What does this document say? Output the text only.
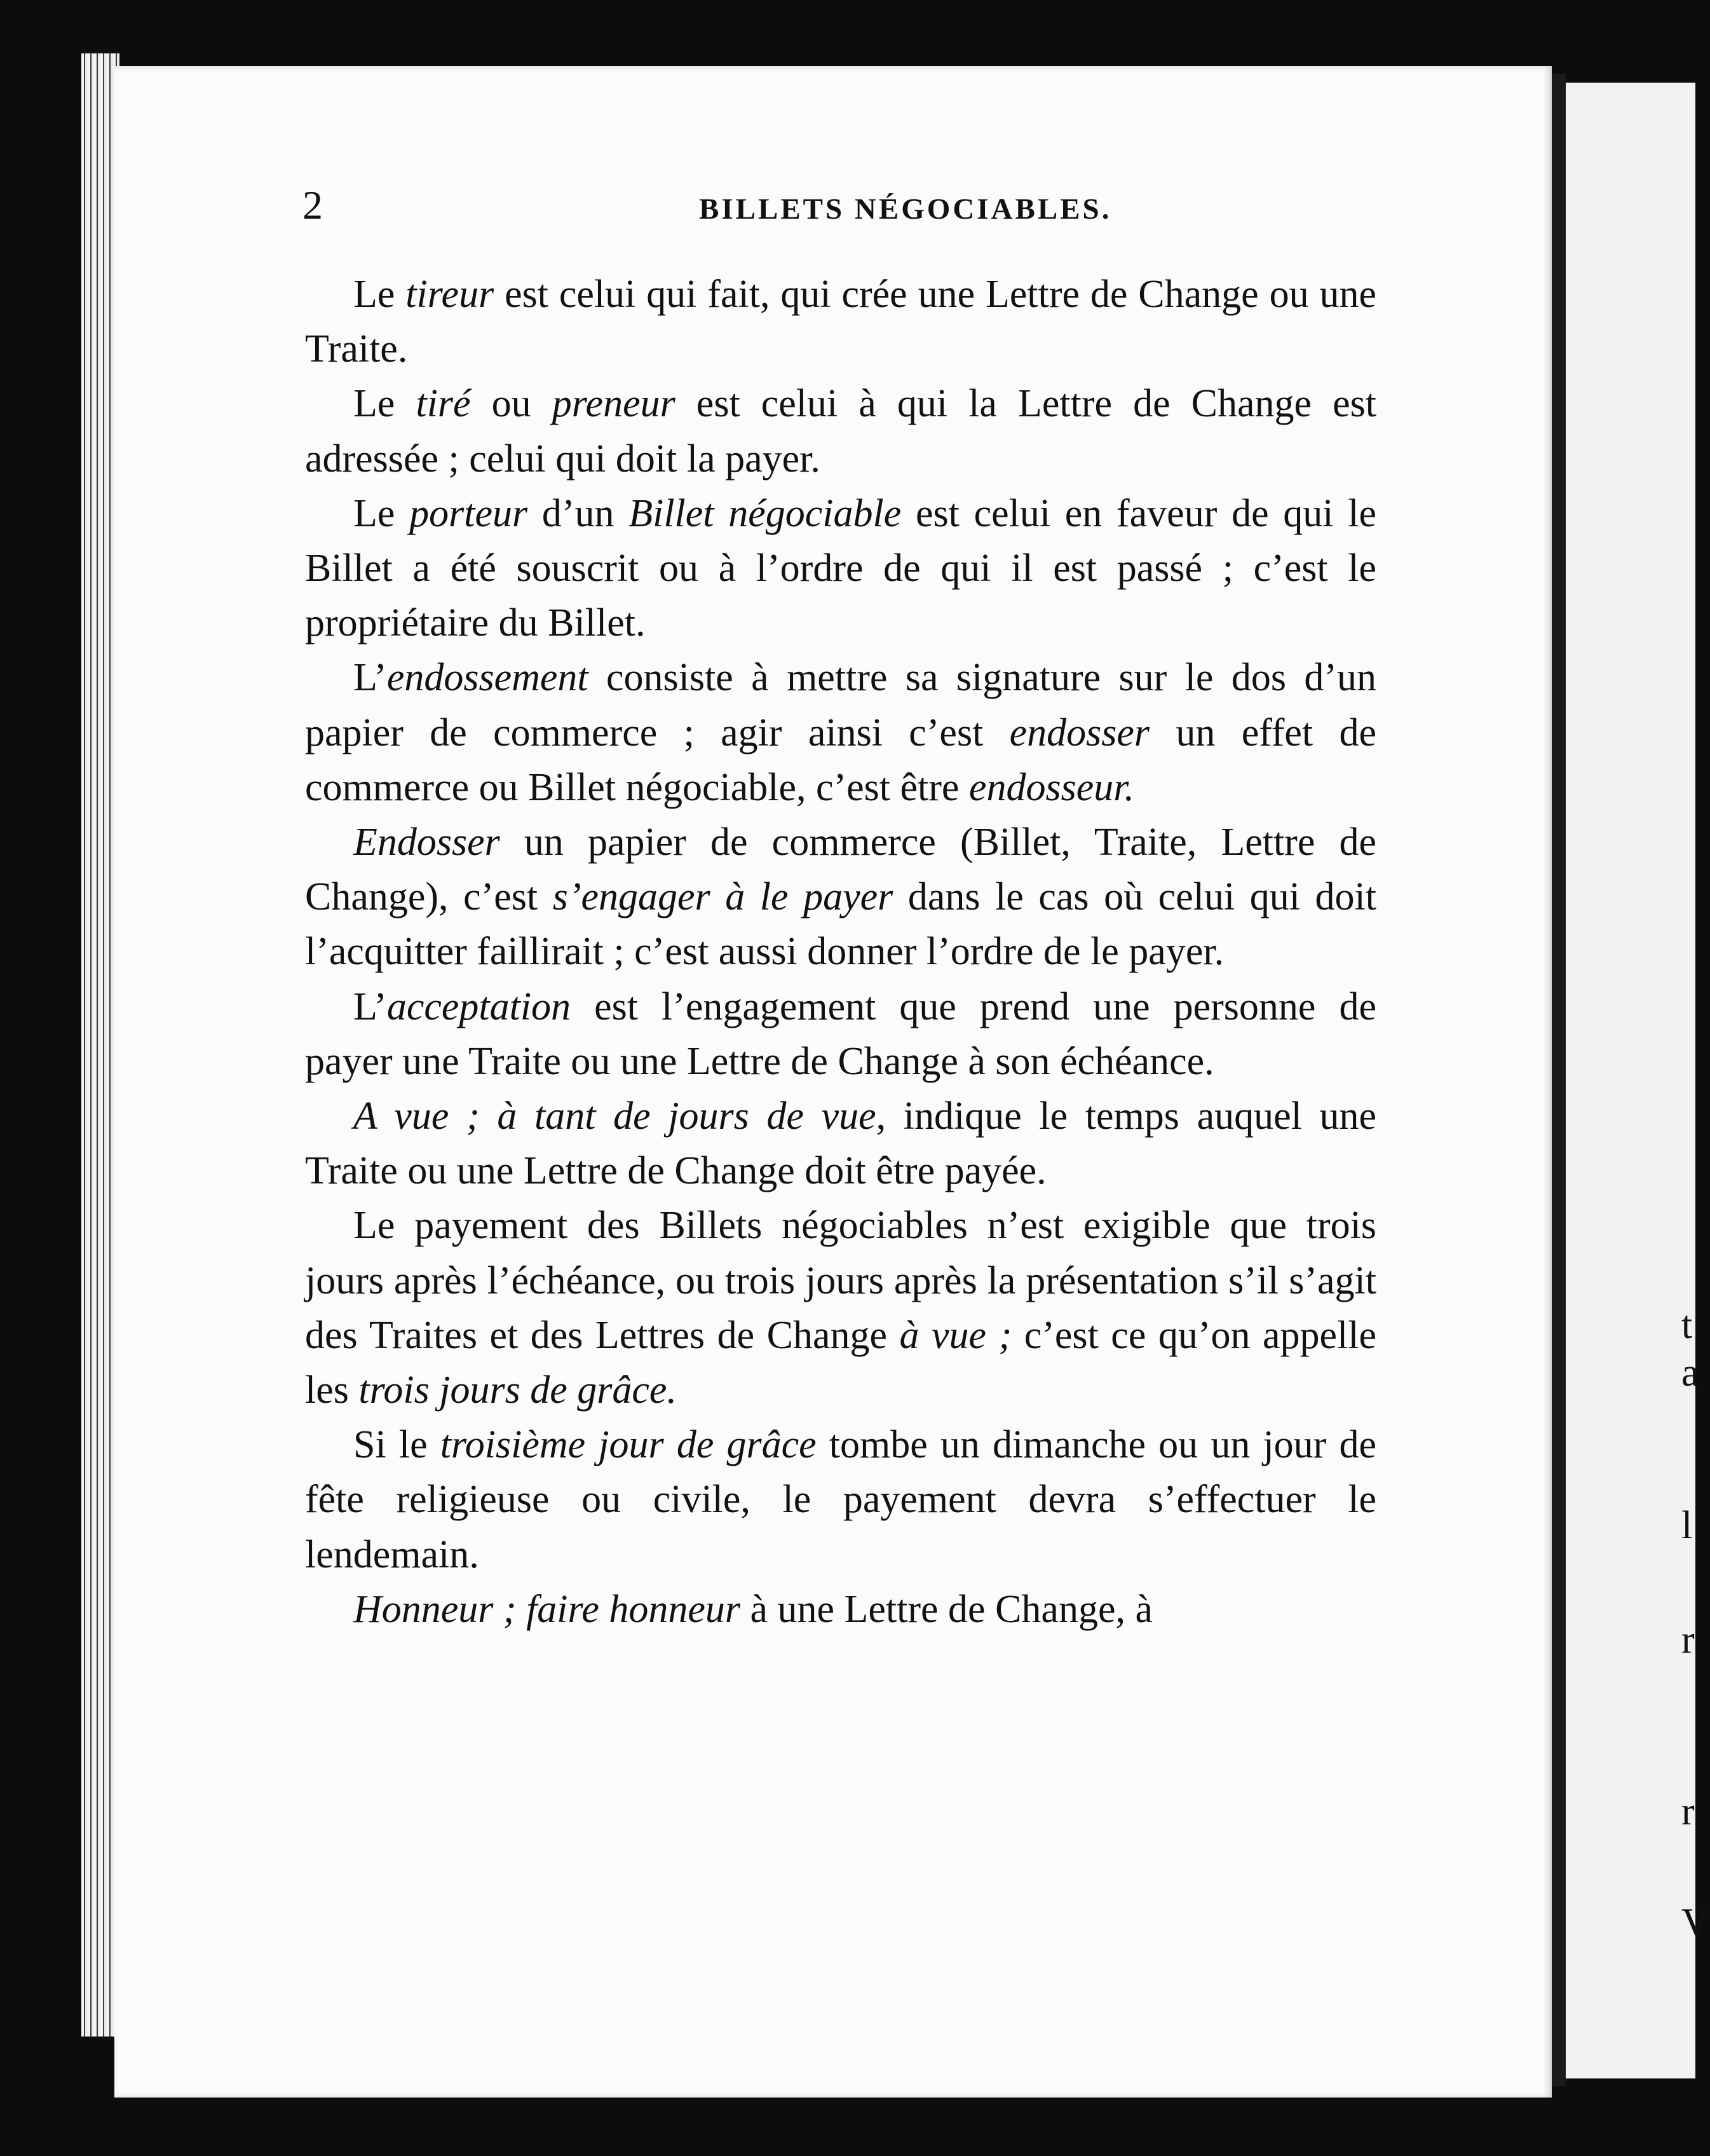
2	BILLETS NÉGOCIABLES.

Le tireur est celui qui fait, qui crée une Lettre de Change ou une Traite.

Le tiré ou preneur est celui à qui la Lettre de Change est adressée ; celui qui doit la payer.

Le porteur d’un Billet négociable est celui en faveur de qui le Billet a été souscrit ou à l’ordre de qui il est passé ; c’est le propriétaire du Billet.

L’endossement consiste à mettre sa signature sur le dos d’un papier de commerce ; agir ainsi c’est endosser un effet de commerce ou Billet négociable, c’est être endosseur.

Endosser un papier de commerce (Billet, Traite, Lettre de Change), c’est s’engager à le payer dans le cas où celui qui doit l’acquitter faillirait ; c’est aussi donner l’ordre de le payer.

L’acceptation est l’engagement que prend une personne de payer une Traite ou une Lettre de Change à son échéance.

A vue ; à tant de jours de vue, indique le temps auquel une Traite ou une Lettre de Change doit être payée.

Le payement des Billets négociables n’est exigible que trois jours après l’échéance, ou trois jours après la présentation s’il s’agit des Traites et des Lettres de Change à vue ; c’est ce qu’on appelle les trois jours de grâce.

Si le troisième jour de grâce tombe un dimanche ou un jour de fête religieuse ou civile, le payement devra s’effectuer le lendemain.

Honneur ; faire honneur à une Lettre de Change, à

t
a
l
r
r
V
